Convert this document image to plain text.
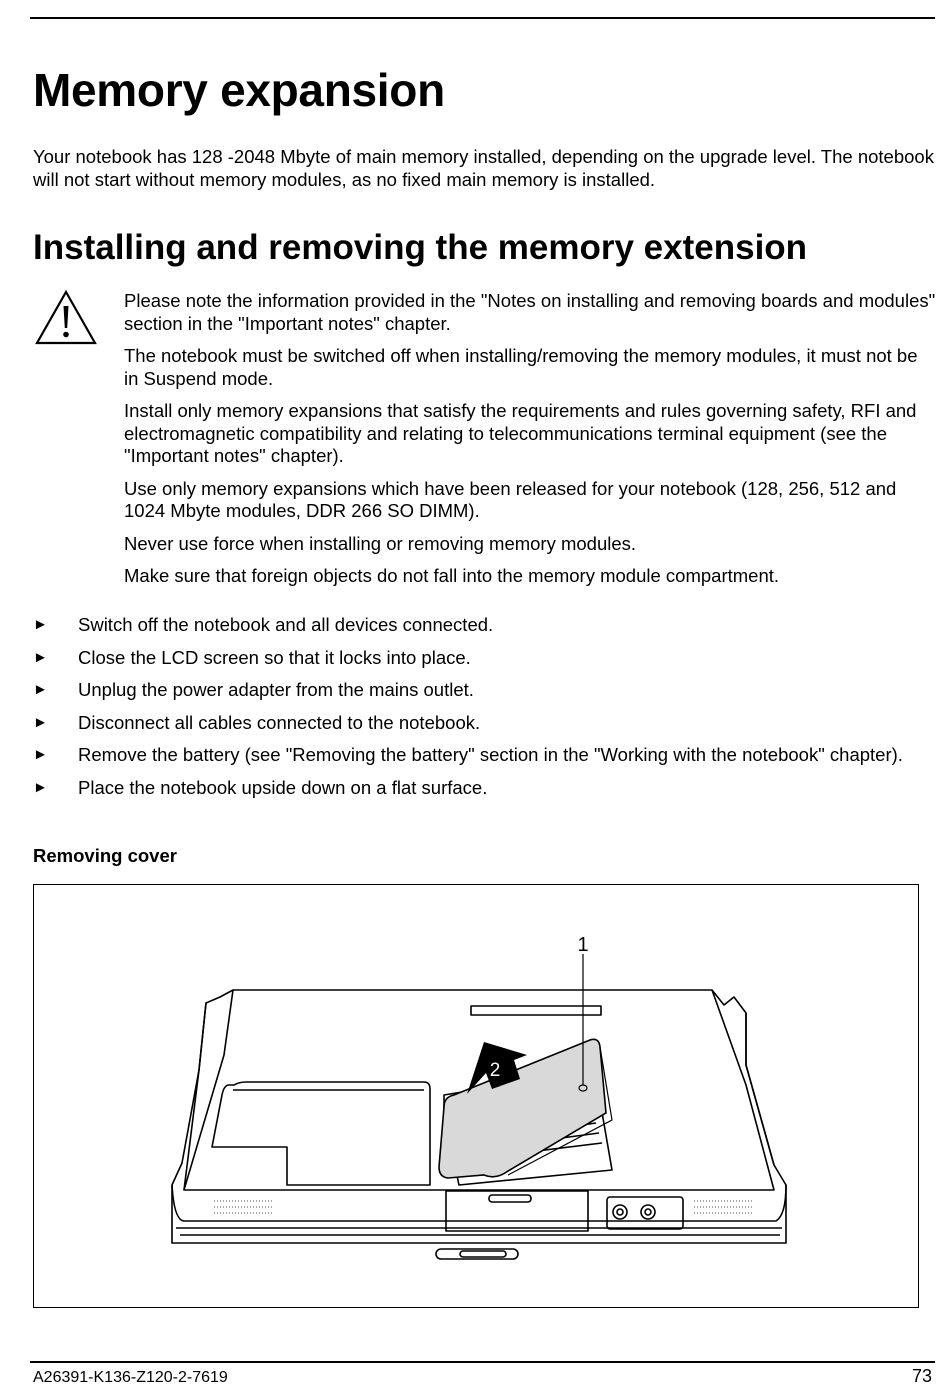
Memory expansion

Your notebook has 128 -2048 Mbyte of main memory installed, depending on the upgrade level. The notebook will not start without memory modules, as no fixed main memory is installed.

Installing and removing the memory extension

Please note the information provided in the "Notes on installing and removing boards and modules" section in the "Important notes" chapter.

The notebook must be switched off when installing/removing the memory modules, it must not be in Suspend mode.

Install only memory expansions that satisfy the requirements and rules governing safety, RFI and electromagnetic compatibility and relating to telecommunications terminal equipment (see the "Important notes" chapter).

Use only memory expansions which have been released for your notebook (128, 256, 512 and 1024 Mbyte modules, DDR 266 SO DIMM).

Never use force when installing or removing memory modules.

Make sure that foreign objects do not fall into the memory module compartment.

► Switch off the notebook and all devices connected.
► Close the LCD screen so that it locks into place.
► Unplug the power adapter from the mains outlet.
► Disconnect all cables connected to the notebook.
► Remove the battery (see "Removing the battery" section in the "Working with the notebook" chapter).
► Place the notebook upside down on a flat surface.

Removing cover

1
2
A26391-K136-Z120-2-7619	73
